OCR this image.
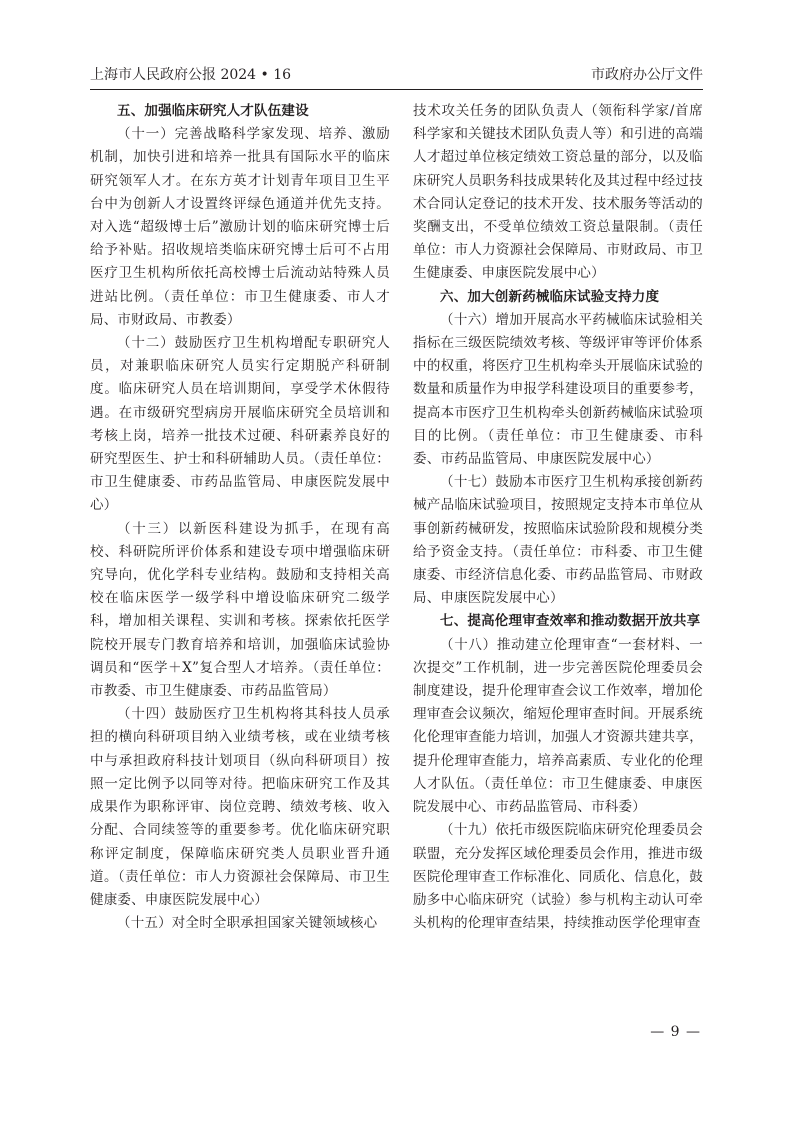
上海市人民政府公报 2024 • 16	市政府办公厅文件
五、加强临床研究人才队伍建设

（十一）完善战略科学家发现、培养、激励机制，加快引进和培养一批具有国际水平的临床研究领军人才。在东方英才计划青年项目卫生平台中为创新人才设置终评绿色通道并优先支持。对入选“超级博士后”激励计划的临床研究博士后给予补贴。招收规培类临床研究博士后可不占用医疗卫生机构所依托高校博士后流动站特殊人员进站比例。（责任单位：市卫生健康委、市人才局、市财政局、市教委）

（十二）鼓励医疗卫生机构增配专职研究人员，对兼职临床研究人员实行定期脱产科研制度。临床研究人员在培训期间，享受学术休假待遇。在市级研究型病房开展临床研究全员培训和考核上岗，培养一批技术过硬、科研素养良好的研究型医生、护士和科研辅助人员。（责任单位：市卫生健康委、市药品监管局、申康医院发展中心）

（十三）以新医科建设为抓手，在现有高校、科研院所评价体系和建设专项中增强临床研究导向，优化学科专业结构。鼓励和支持相关高校在临床医学一级学科中增设临床研究二级学科，增加相关课程、实训和考核。探索依托医学院校开展专门教育培养和培训，加强临床试验协调员和“医学＋X”复合型人才培养。（责任单位：市教委、市卫生健康委、市药品监管局）

（十四）鼓励医疗卫生机构将其科技人员承担的横向科研项目纳入业绩考核，或在业绩考核中与承担政府科技计划项目（纵向科研项目）按照一定比例予以同等对待。把临床研究工作及其成果作为职称评审、岗位竞聘、绩效考核、收入分配、合同续签等的重要参考。优化临床研究职称评定制度，保障临床研究类人员职业晋升通道。（责任单位：市人力资源社会保障局、市卫生健康委、申康医院发展中心）

（十五）对全时全职承担国家关键领域核心

技术攻关任务的团队负责人（领衔科学家/首席科学家和关键技术团队负责人等）和引进的高端人才超过单位核定绩效工资总量的部分，以及临床研究人员职务科技成果转化及其过程中经过技术合同认定登记的技术开发、技术服务等活动的奖酬支出，不受单位绩效工资总量限制。（责任单位：市人力资源社会保障局、市财政局、市卫生健康委、申康医院发展中心）

六、加大创新药械临床试验支持力度

（十六）增加开展高水平药械临床试验相关指标在三级医院绩效考核、等级评审等评价体系中的权重，将医疗卫生机构牵头开展临床试验的数量和质量作为申报学科建设项目的重要参考，提高本市医疗卫生机构牵头创新药械临床试验项目的比例。（责任单位：市卫生健康委、市科委、市药品监管局、申康医院发展中心）

（十七）鼓励本市医疗卫生机构承接创新药械产品临床试验项目，按照规定支持本市单位从事创新药械研发，按照临床试验阶段和规模分类给予资金支持。（责任单位：市科委、市卫生健康委、市经济信息化委、市药品监管局、市财政局、申康医院发展中心）

七、提高伦理审查效率和推动数据开放共享

（十八）推动建立伦理审查“一套材料、一次提交”工作机制，进一步完善医院伦理委员会制度建设，提升伦理审查会议工作效率，增加伦理审查会议频次，缩短伦理审查时间。开展系统化伦理审查能力培训，加强人才资源共建共享，提升伦理审查能力，培养高素质、专业化的伦理人才队伍。（责任单位：市卫生健康委、申康医院发展中心、市药品监管局、市科委）

（十九）依托市级医院临床研究伦理委员会联盟，充分发挥区域伦理委员会作用，推进市级医院伦理审查工作标准化、同质化、信息化，鼓励多中心临床研究（试验）参与机构主动认可牵头机构的伦理审查结果，持续推动医学伦理审查

— 9 —
